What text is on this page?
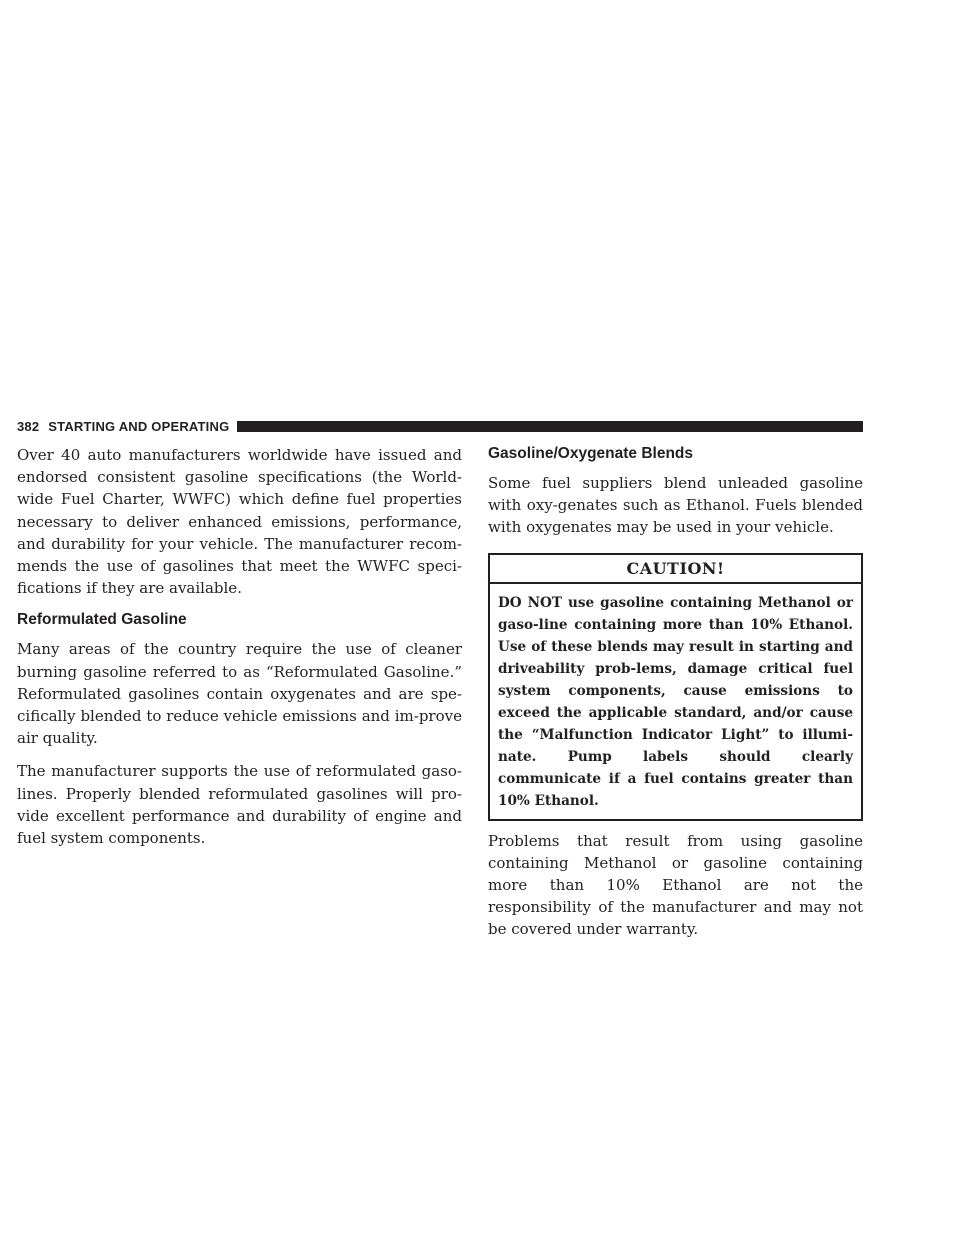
382 STARTING AND OPERATING

Over 40 auto manufacturers worldwide have issued and endorsed consistent gasoline specifications (the World-wide Fuel Charter, WWFC) which define fuel properties necessary to deliver enhanced emissions, performance, and durability for your vehicle. The manufacturer recom-mends the use of gasolines that meet the WWFC speci-fications if they are available.

Reformulated Gasoline

Many areas of the country require the use of cleaner burning gasoline referred to as “Reformulated Gasoline.” Reformulated gasolines contain oxygenates and are spe-cifically blended to reduce vehicle emissions and im-prove air quality.

The manufacturer supports the use of reformulated gaso-lines. Properly blended reformulated gasolines will pro-vide excellent performance and durability of engine and fuel system components.

Gasoline/Oxygenate Blends

Some fuel suppliers blend unleaded gasoline with oxy-genates such as Ethanol. Fuels blended with oxygenates may be used in your vehicle.

CAUTION!
DO NOT use gasoline containing Methanol or gaso-line containing more than 10% Ethanol. Use of these blends may result in starting and driveability prob-lems, damage critical fuel system components, cause emissions to exceed the applicable standard, and/or cause the “Malfunction Indicator Light” to illumi-nate. Pump labels should clearly communicate if a fuel contains greater than 10% Ethanol.

Problems that result from using gasoline containing Methanol or gasoline containing more than 10% Ethanol are not the responsibility of the manufacturer and may not be covered under warranty.
